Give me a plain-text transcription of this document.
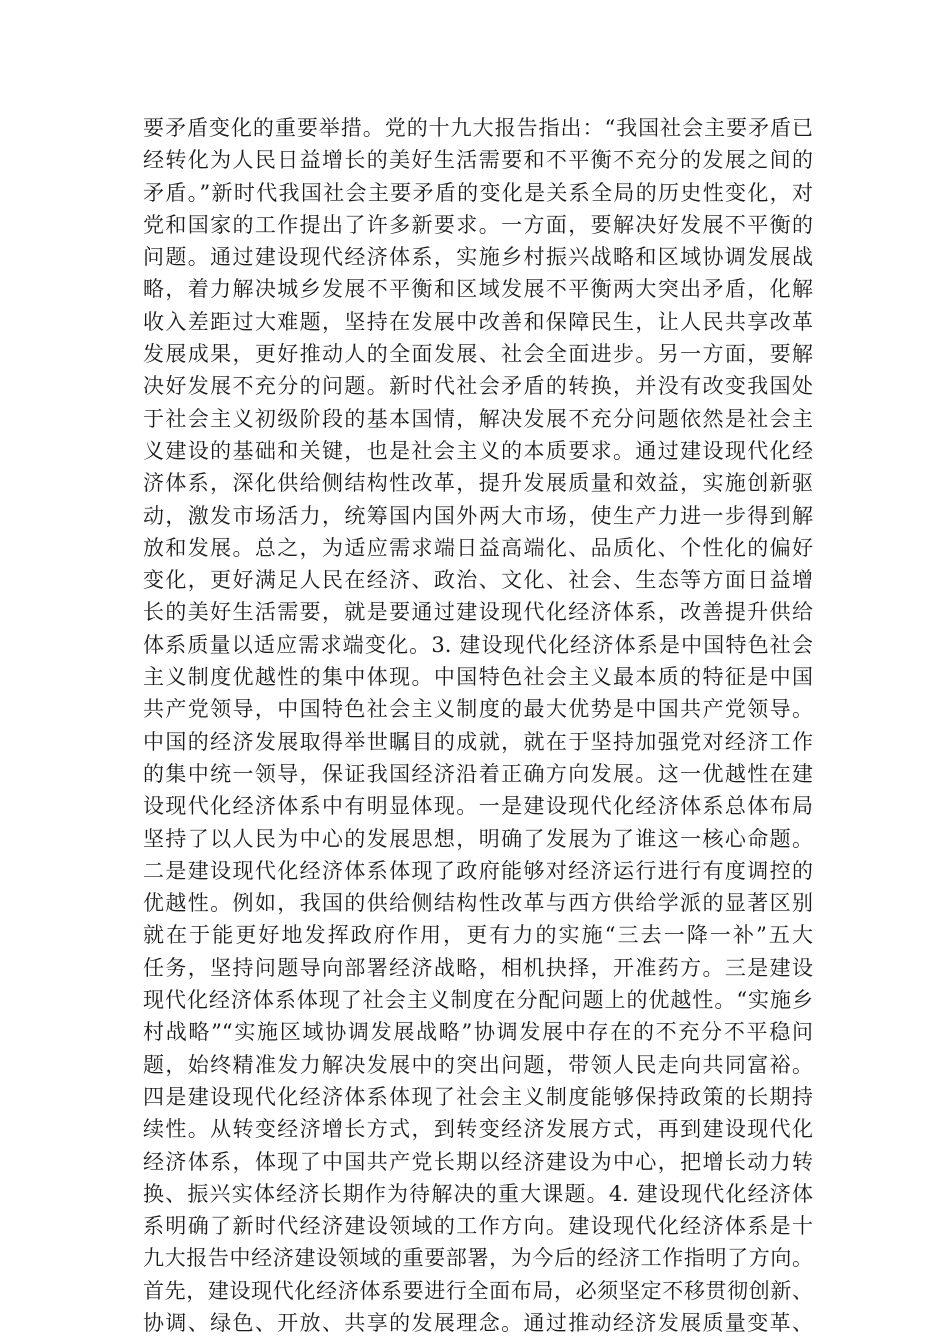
要矛盾变化的重要举措。党的十九大报告指出：“我国社会主要矛盾已
经转化为人民日益增长的美好生活需要和不平衡不充分的发展之间的
矛盾。”新时代我国社会主要矛盾的变化是关系全局的历史性变化，对
党和国家的工作提出了许多新要求。一方面，要解决好发展不平衡的
问题。通过建设现代经济体系，实施乡村振兴战略和区域协调发展战
略，着力解决城乡发展不平衡和区域发展不平衡两大突出矛盾，化解
收入差距过大难题，坚持在发展中改善和保障民生，让人民共享改革
发展成果，更好推动人的全面发展、社会全面进步。另一方面，要解
决好发展不充分的问题。新时代社会矛盾的转换，并没有改变我国处
于社会主义初级阶段的基本国情，解决发展不充分问题依然是社会主
义建设的基础和关键，也是社会主义的本质要求。通过建设现代化经
济体系，深化供给侧结构性改革，提升发展质量和效益，实施创新驱
动，激发市场活力，统筹国内国外两大市场，使生产力进一步得到解
放和发展。总之，为适应需求端日益高端化、品质化、个性化的偏好
变化，更好满足人民在经济、政治、文化、社会、生态等方面日益增
长的美好生活需要，就是要通过建设现代化经济体系，改善提升供给
体系质量以适应需求端变化。3. 建设现代化经济体系是中国特色社会
主义制度优越性的集中体现。中国特色社会主义最本质的特征是中国
共产党领导，中国特色社会主义制度的最大优势是中国共产党领导。
中国的经济发展取得举世瞩目的成就，就在于坚持加强党对经济工作
的集中统一领导，保证我国经济沿着正确方向发展。这一优越性在建
设现代化经济体系中有明显体现。一是建设现代化经济体系总体布局
坚持了以人民为中心的发展思想，明确了发展为了谁这一核心命题。
二是建设现代化经济体系体现了政府能够对经济运行进行有度调控的
优越性。例如，我国的供给侧结构性改革与西方供给学派的显著区别
就在于能更好地发挥政府作用，更有力的实施“三去一降一补”五大
任务，坚持问题导向部署经济战略，相机抉择，开准药方。三是建设
现代化经济体系体现了社会主义制度在分配问题上的优越性。“实施乡
村战略”“实施区域协调发展战略”协调发展中存在的不充分不平稳问
题，始终精准发力解决发展中的突出问题，带领人民走向共同富裕。
四是建设现代化经济体系体现了社会主义制度能够保持政策的长期持
续性。从转变经济增长方式，到转变经济发展方式，再到建设现代化
经济体系，体现了中国共产党长期以经济建设为中心，把增长动力转
换、振兴实体经济长期作为待解决的重大课题。4. 建设现代化经济体
系明确了新时代经济建设领域的工作方向。建设现代化经济体系是十
九大报告中经济建设领域的重要部署，为今后的经济工作指明了方向。
首先，建设现代化经济体系要进行全面布局，必须坚定不移贯彻创新、
协调、绿色、开放、共享的发展理念。通过推动经济发展质量变革、
